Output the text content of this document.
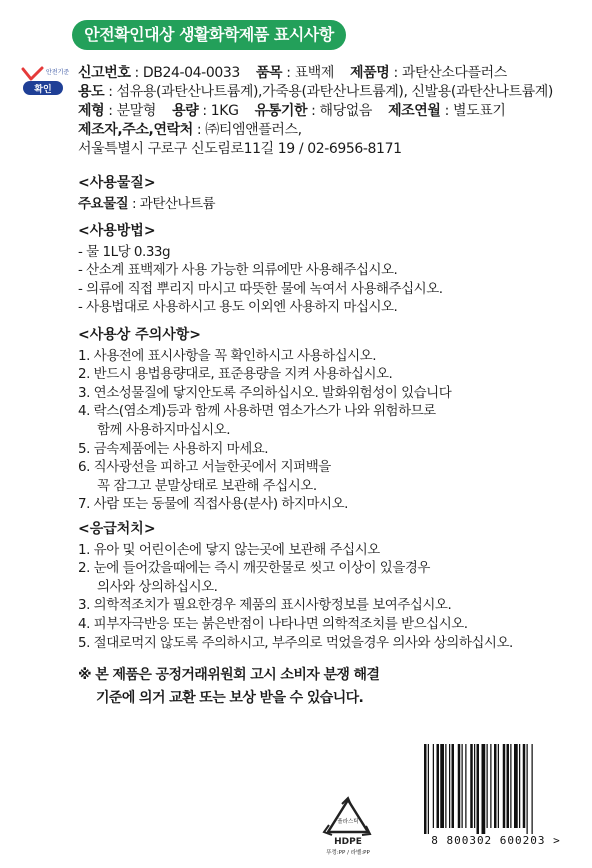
안전확인대상 생활화학제품 표시사항
안전기준
확인
신고번호 : DB24-04-0033 품목 : 표백제 제품명 : 과탄산소다플러스
용도 : 섬유용(과탄산나트륨계),가죽용(과탄산나트륨계), 신발용(과탄산나트륨계)
제형 : 분말형 용량 : 1KG 유통기한 : 해당없음 제조연월 : 별도표기
제조자,주소,연락처 : ㈜티엠앤플러스,
서울특별시 구로구 신도림로11길 19 / 02-6956-8171
<사용물질>
주요물질 : 과탄산나트륨
<사용방법>
- 물 1L당 0.33g
- 산소계 표백제가 사용 가능한 의류에만 사용해주십시오.
- 의류에 직접 뿌리지 마시고 따뜻한 물에 녹여서 사용해주십시오.
- 사용법대로 사용하시고 용도 이외엔 사용하지 마십시오.
<사용상 주의사항>
1. 사용전에 표시사항을 꼭 확인하시고 사용하십시오.
2. 반드시 용법용량대로, 표준용량을 지켜 사용하십시오.
3. 연소성물질에 닿지안도록 주의하십시오. 발화위험성이 있습니다
4. 락스(염소계)등과 함께 사용하면 염소가스가 나와 위험하므로
함께 사용하지마십시오.
5. 금속제품에는 사용하지 마세요.
6. 직사광선을 피하고 서늘한곳에서 지퍼백을
꼭 잠그고 분말상태로 보관해 주십시오.
7. 사람 또는 동물에 직접사용(분사) 하지마시오.
<응급처치>
1. 유아 및 어린이손에 닿지 않는곳에 보관해 주십시오
2. 눈에 들어갔을때에는 즉시 깨끗한물로 씻고 이상이 있을경우
의사와 상의하십시오.
3. 의학적조치가 필요한경우 제품의 표시사항정보를 보여주십시오.
4. 피부자극반응 또는 붉은반점이 나타나면 의학적조치를 받으십시오.
5. 절대로먹지 않도록 주의하시고, 부주의로 먹었을경우 의사와 상의하십시오.
※ 본 제품은 공정거래위원회 고시 소비자 분쟁 해결
기준에 의거 교환 또는 보상 받을 수 있습니다.
플라스틱
HDPE
뚜껑:PP / 라벨:PP
8 800302 600203 >
